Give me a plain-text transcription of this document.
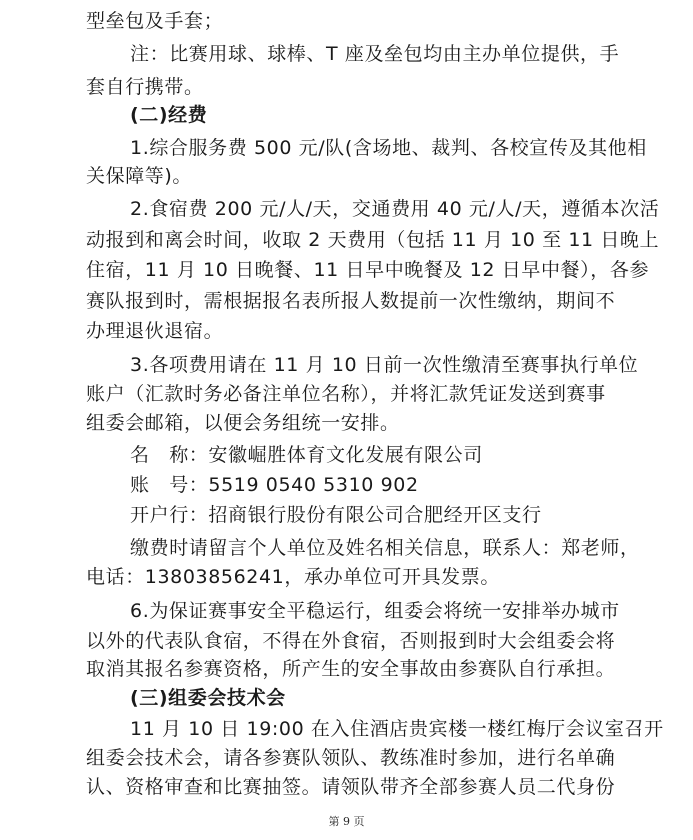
型垒包及手套；
注：比赛用球、球棒、T 座及垒包均由主办单位提供，手
套自行携带。
(二)经费
1.综合服务费 500 元/队(含场地、裁判、各校宣传及其他相
关保障等)。
2.食宿费 200 元/人/天，交通费用 40 元/人/天，遵循本次活
动报到和离会时间，收取 2 天费用（包括 11 月 10 至 11 日晚上
住宿，11 月 10 日晚餐、11 日早中晚餐及 12 日早中餐），各参
赛队报到时，需根据报名表所报人数提前一次性缴纳，期间不
办理退伙退宿。
3.各项费用请在 11 月 10 日前一次性缴清至赛事执行单位
账户（汇款时务必备注单位名称），并将汇款凭证发送到赛事
组委会邮箱，以便会务组统一安排。
名　称：安徽崛胜体育文化发展有限公司
账　号：5519 0540 5310 902
开户行：招商银行股份有限公司合肥经开区支行
缴费时请留言个人单位及姓名相关信息，联系人：郑老师，
电话：13803856241，承办单位可开具发票。
6.为保证赛事安全平稳运行，组委会将统一安排举办城市
以外的代表队食宿，不得在外食宿，否则报到时大会组委会将
取消其报名参赛资格，所产生的安全事故由参赛队自行承担。
(三)组委会技术会
11 月 10 日 19:00 在入住酒店贵宾楼一楼红梅厅会议室召开
组委会技术会，请各参赛队领队、教练准时参加，进行名单确
认、资格审查和比赛抽签。请领队带齐全部参赛人员二代身份
第 9 页
